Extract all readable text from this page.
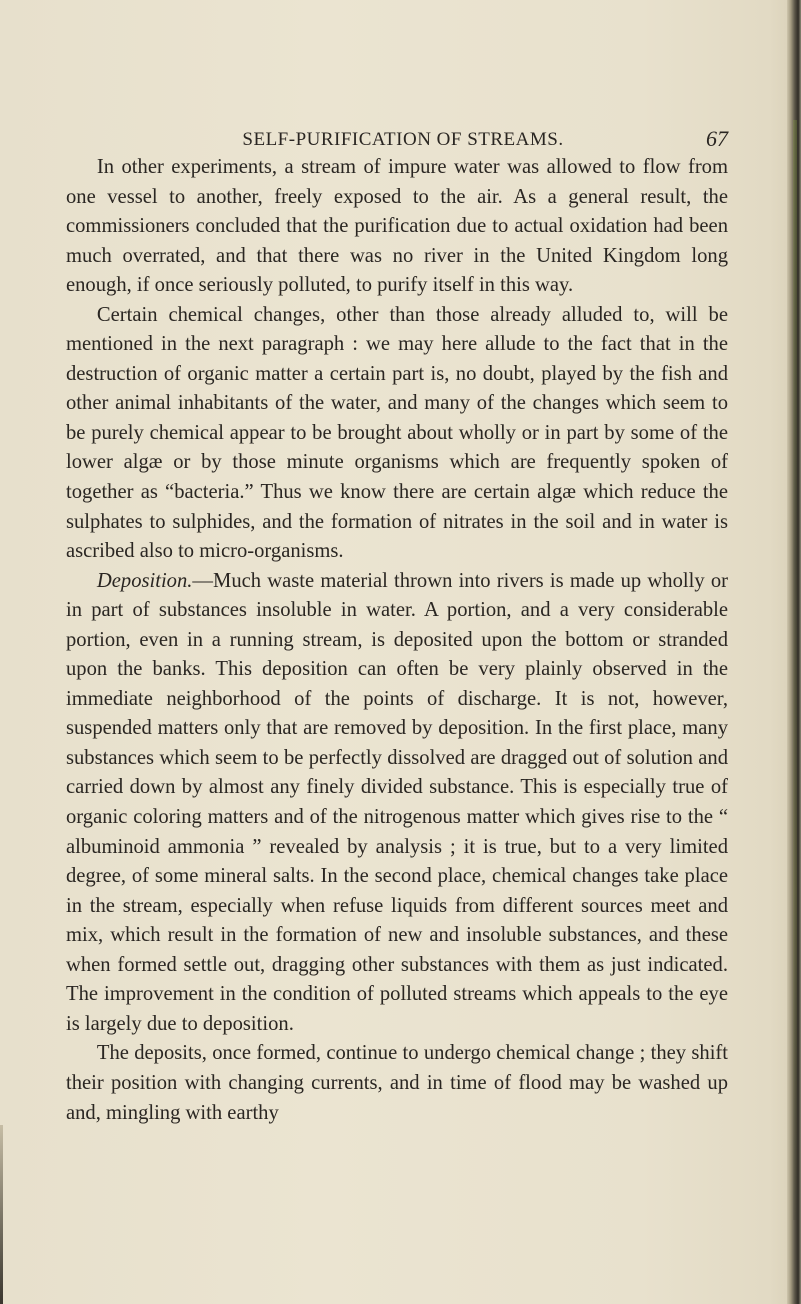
SELF-PURIFICATION OF STREAMS.	67

In other experiments, a stream of impure water was allowed to flow from one vessel to another, freely exposed to the air. As a general result, the commissioners concluded that the purification due to actual oxidation had been much overrated, and that there was no river in the United Kingdom long enough, if once seriously polluted, to purify itself in this way.

Certain chemical changes, other than those already alluded to, will be mentioned in the next paragraph : we may here allude to the fact that in the destruction of organic matter a certain part is, no doubt, played by the fish and other animal inhabitants of the water, and many of the changes which seem to be purely chemical appear to be brought about wholly or in part by some of the lower algæ or by those minute organisms which are frequently spoken of together as “bacteria.” Thus we know there are certain algæ which reduce the sulphates to sulphides, and the formation of nitrates in the soil and in water is ascribed also to micro-organisms.

Deposition.—Much waste material thrown into rivers is made up wholly or in part of substances insoluble in water. A portion, and a very considerable portion, even in a running stream, is deposited upon the bottom or stranded upon the banks. This deposition can often be very plainly observed in the immediate neighborhood of the points of discharge. It is not, however, suspended matters only that are removed by deposition. In the first place, many substances which seem to be perfectly dissolved are dragged out of solution and carried down by almost any finely divided substance. This is especially true of organic coloring matters and of the nitrogenous matter which gives rise to the “ albuminoid ammonia ” revealed by analysis ; it is true, but to a very limited degree, of some mineral salts. In the second place, chemical changes take place in the stream, especially when refuse liquids from different sources meet and mix, which result in the formation of new and insoluble substances, and these when formed settle out, dragging other substances with them as just indicated. The improvement in the condition of polluted streams which appeals to the eye is largely due to deposition.

The deposits, once formed, continue to undergo chemical change ; they shift their position with changing currents, and in time of flood may be washed up and, mingling with earthy
